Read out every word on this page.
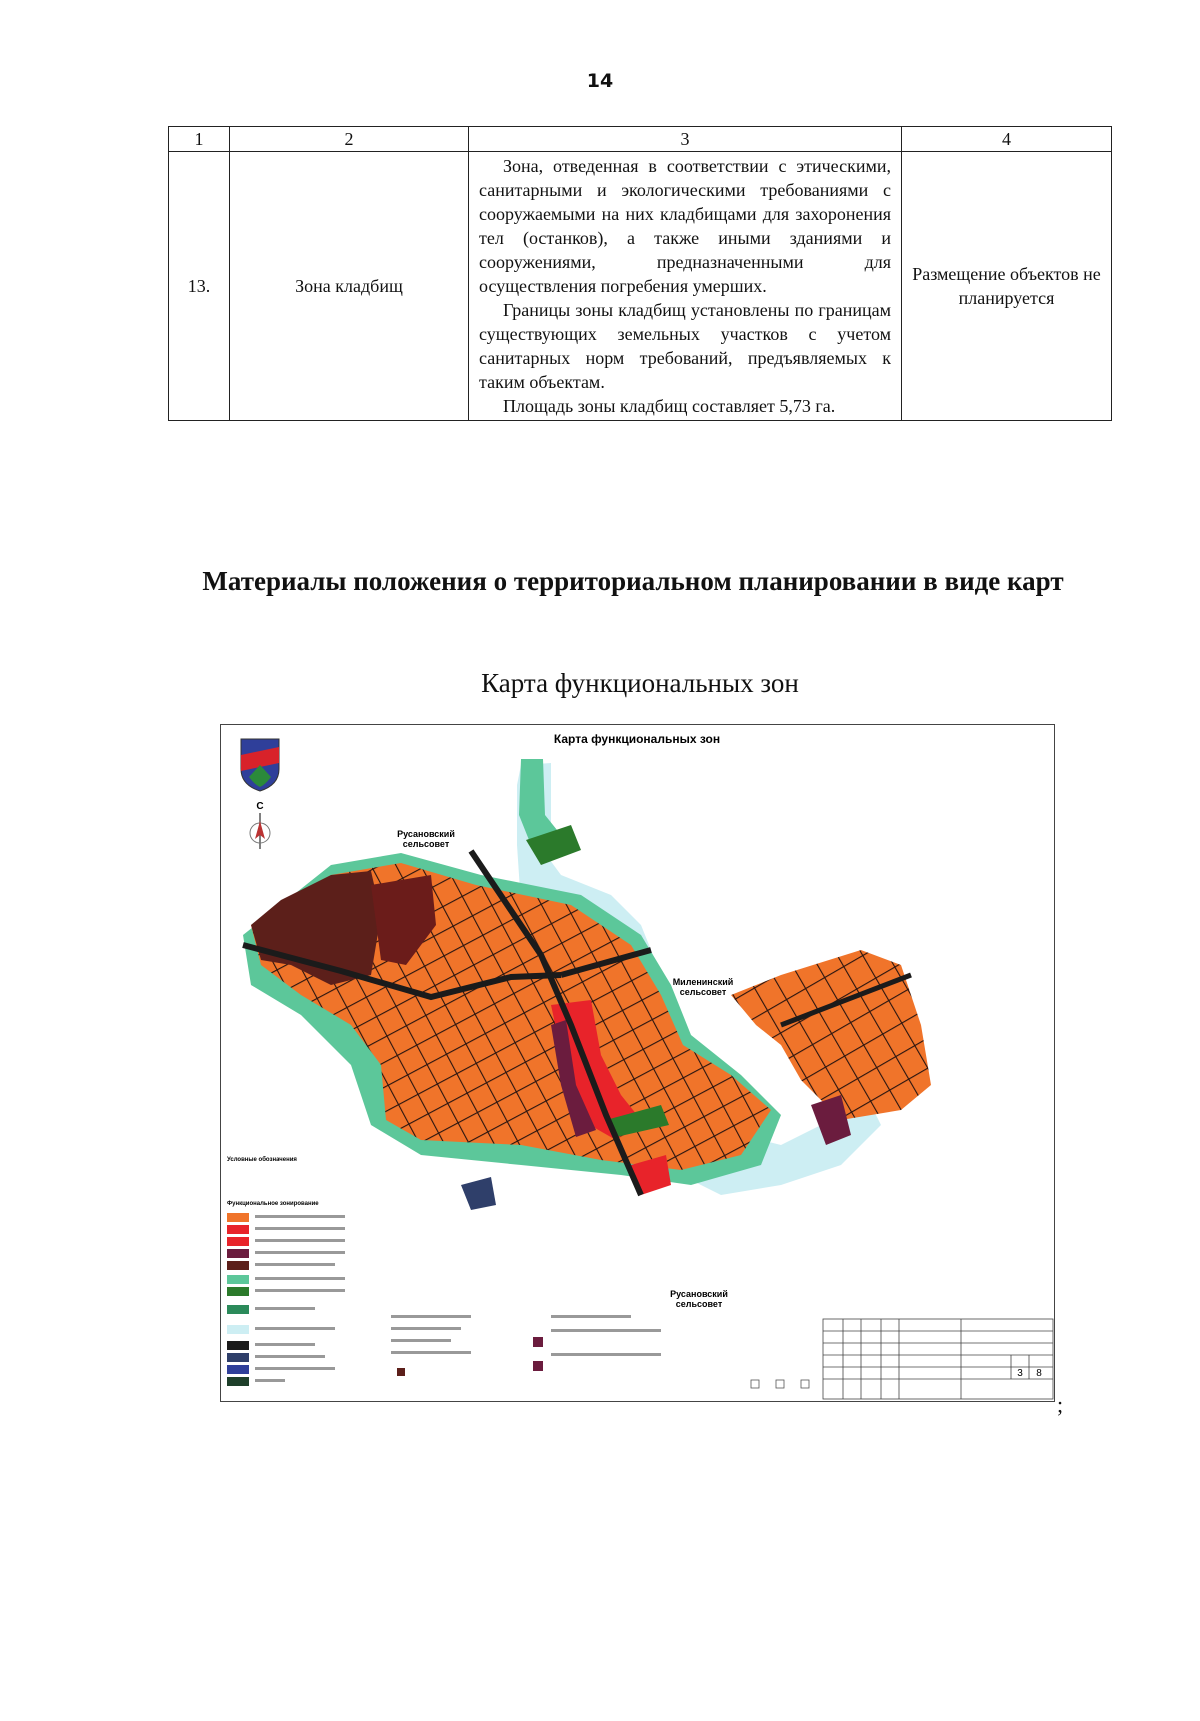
14
1	2	3	4
13.	Зона кладбищ	Зона, отведенная в соответствии с этическими, санитарными и экологическими требованиями с сооружаемыми на них кладбищами для захоронения тел (останков), а также иными зданиями и сооружениями, предназначенными для осуществления погребения умерших.

Границы зоны кладбищ установлены по границам существующих земельных участков с учетом санитарных норм требований, предъявляемых к таким объектам.

Площадь зоны кладбищ составляет 5,73 га.	Размещение объектов не планируется
Материалы положения о территориальном планировании в виде карт
Карта функциональных зон
Карта функциональных зон
С
Русановский
сельсовет
Миленинский
сельсовет
Русановский
сельсовет
Условные обозначения
Функциональное зонирование
3 8
;
